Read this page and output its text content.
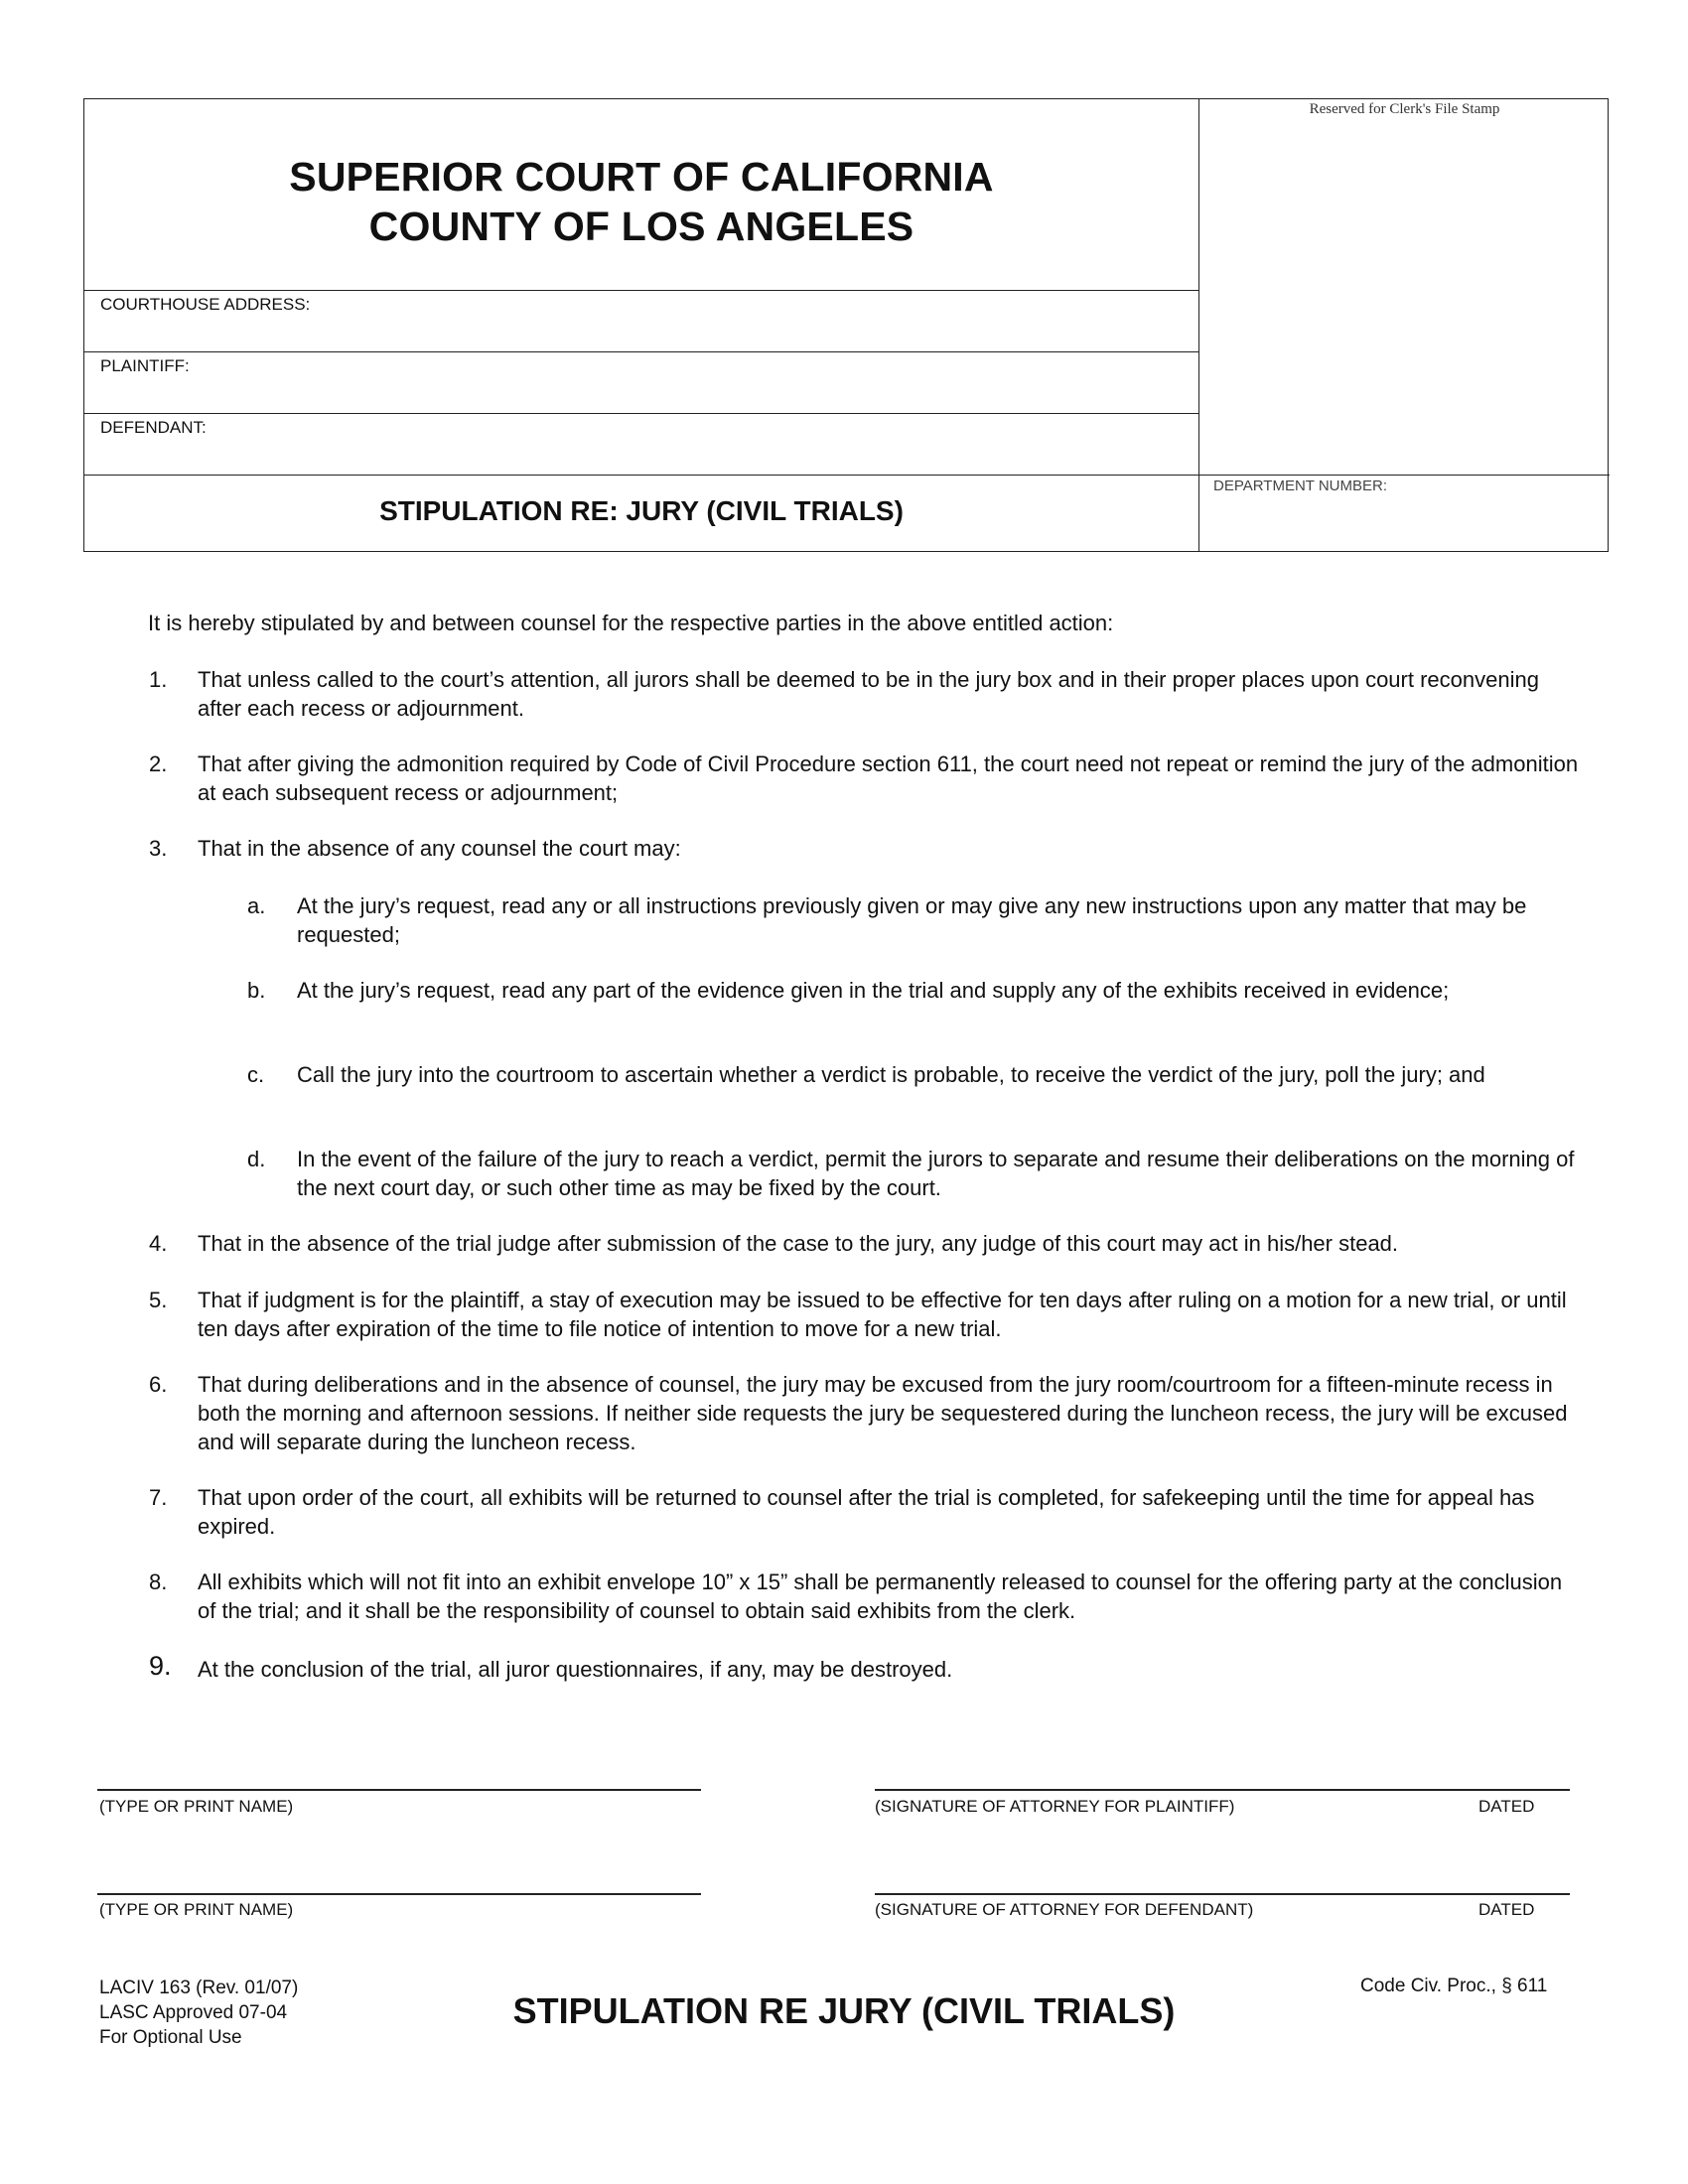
SUPERIOR COURT OF CALIFORNIA
COUNTY OF LOS ANGELES
COURTHOUSE ADDRESS:
PLAINTIFF:
DEFENDANT:
STIPULATION RE: JURY (CIVIL TRIALS)
Reserved for Clerk's File Stamp
DEPARTMENT NUMBER:
It is hereby stipulated by and between counsel for the respective parties in the above entitled action:
1. That unless called to the court’s attention, all jurors shall be deemed to be in the jury box and in their proper places upon court reconvening after each recess or adjournment.
2. That after giving the admonition required by Code of Civil Procedure section 611, the court need not repeat or remind the jury of the admonition at each subsequent recess or adjournment;
3. That in the absence of any counsel the court may:
a. At the jury’s request, read any or all instructions previously given or may give any new instructions upon any matter that may be requested;
b. At the jury’s request, read any part of the evidence given in the trial and supply any of the exhibits received in evidence;
c. Call the jury into the courtroom to ascertain whether a verdict is probable, to receive the verdict of the jury, poll the jury; and
d. In the event of the failure of the jury to reach a verdict, permit the jurors to separate and resume their deliberations on the morning of the next court day, or such other time as may be fixed by the court.
4. That in the absence of the trial judge after submission of the case to the jury, any judge of this court may act in his/her stead.
5. That if judgment is for the plaintiff, a stay of execution may be issued to be effective for ten days after ruling on a motion for a new trial, or until ten days after expiration of the time to file notice of intention to move for a new trial.
6. That during deliberations and in the absence of counsel, the jury may be excused from the jury room/courtroom for a fifteen-minute recess in both the morning and afternoon sessions. If neither side requests the jury be sequestered during the luncheon recess, the jury will be excused and will separate during the luncheon recess.
7. That upon order of the court, all exhibits will be returned to counsel after the trial is completed, for safekeeping until the time for appeal has expired.
8. All exhibits which will not fit into an exhibit envelope 10” x 15” shall be permanently released to counsel for the offering party at the conclusion of the trial; and it shall be the responsibility of counsel to obtain said exhibits from the clerk.
9. At the conclusion of the trial, all juror questionnaires, if any, may be destroyed.
(TYPE OR PRINT NAME)	(SIGNATURE OF ATTORNEY FOR PLAINTIFF)	DATED
(TYPE OR PRINT NAME)	(SIGNATURE OF ATTORNEY FOR DEFENDANT)	DATED
LACIV 163 (Rev. 01/07)
LASC Approved 07-04
For Optional Use
STIPULATION RE JURY (CIVIL TRIALS)
Code Civ. Proc., § 611
